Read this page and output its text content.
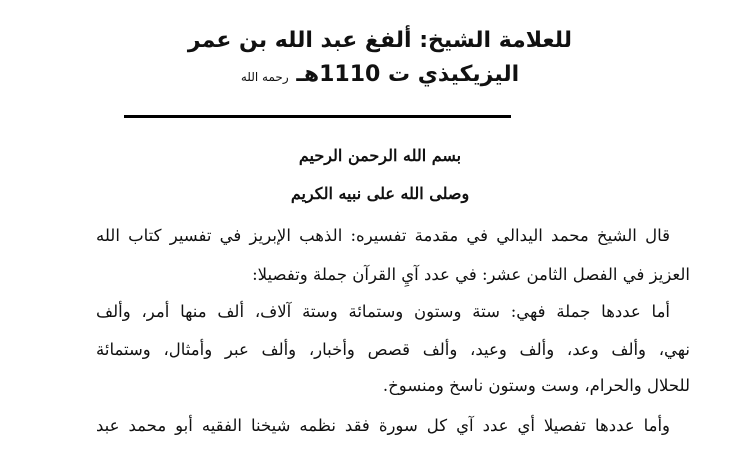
للعلامة الشيخ: ألفغ عبد الله بن عمر
اليزيكيذي ت 1110هـ رحمه الله
بسم الله الرحمن الرحيم
وصلى الله على نبيه الكريم
قال الشيخ محمد اليدالي في مقدمة تفسيره: الذهب الإبريز في تفسير كتاب الله
العزيز في الفصل الثامن عشر: في عدد آيِ القرآن جملة وتفصيلا:
أما عددها جملة فهي: ستة وستون وستمائة وستة آلاف، ألف منها أمر، وألف
نهي، وألف وعد، وألف وعيد، وألف قصص وأخبار، وألف عبر وأمثال، وستمائة
للحلال والحرام، وست وستون ناسخ ومنسوخ.
وأما عددها تفصيلا أي عدد آي كل سورة فقد نظمه شيخنا الفقيه أبو محمد عبد
